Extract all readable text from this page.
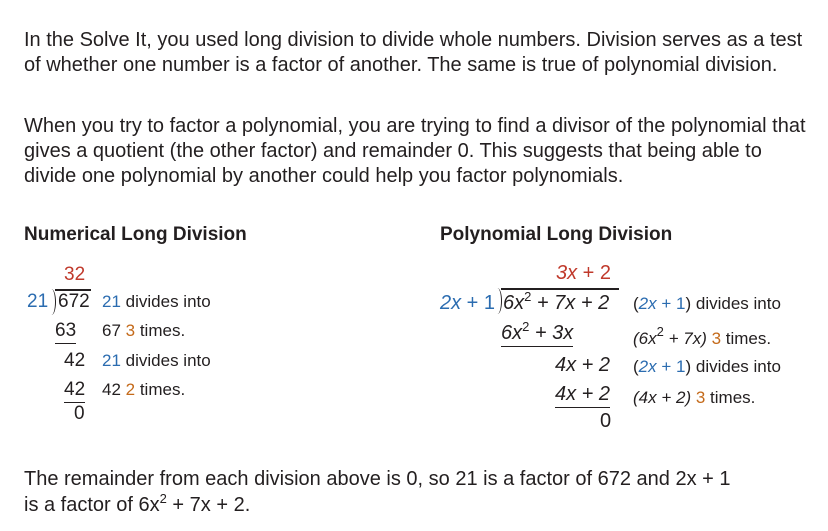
In the Solve It, you used long division to divide whole numbers. Division serves as a test of whether one number is a factor of another. The same is true of polynomial division.

When you try to factor a polynomial, you are trying to find a divisor of the polynomial that gives a quotient (the other factor) and remainder 0. This suggests that being able to divide one polynomial by another could help you factor polynomials.

Numerical Long Division
32
21 672
63
42
42
0
21 divides into
67 3 times.
21 divides into
42 2 times.
Polynomial Long Division
3x + 2
2x + 1 $6x^2 + 7x + 2$
$6x^2 + 3x$
4x + 2
4x + 2
0
(2x + 1) divides into
$(6x^2 + 7x)$ 3 times.
(2x + 1) divides into
(4x + 2) 3 times.
The remainder from each division above is 0, so 21 is a factor of 672 and 2x + 1
is a factor of $6x^2 + 7x + 2$.
